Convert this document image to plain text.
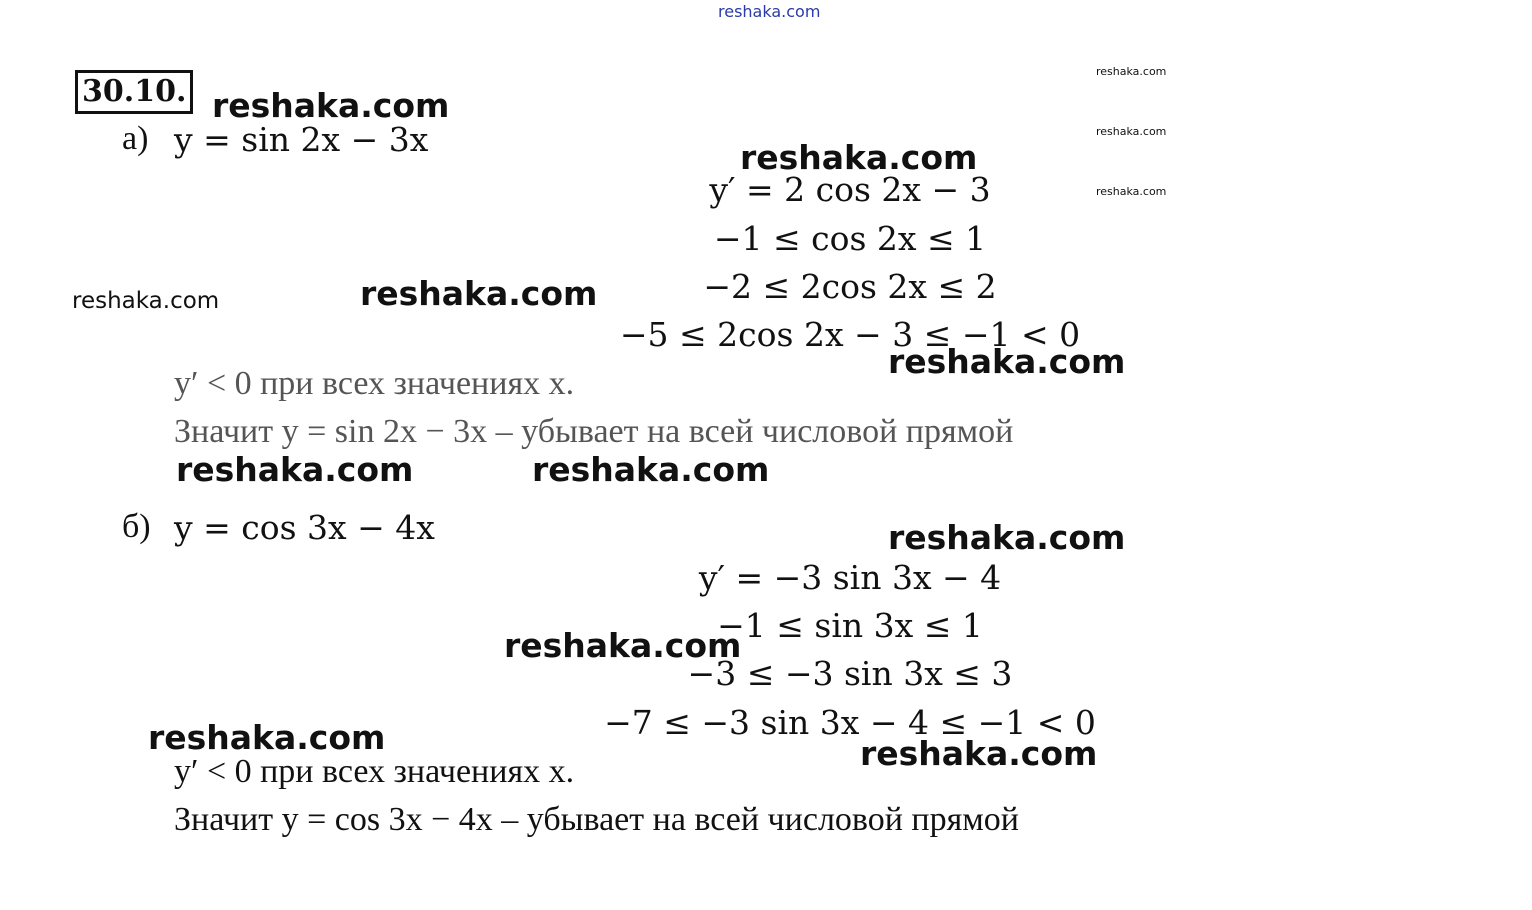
reshaka.com
30.10. reshaka.com
reshaka.com
reshaka.com
reshaka.com
reshaka.com
reshaka.com	reshaka.com
reshaka.com
reshaka.com	reshaka.com
reshaka.com
reshaka.com
reshaka.com	reshaka.com
а) y = sin 2x − 3x
y′ = 2 cos 2x − 3
−1 ≤ cos 2x ≤ 1
−2 ≤ 2cos 2x ≤ 2
−5 ≤ 2cos 2x − 3 ≤ −1 < 0
y′ < 0 при всех значениях x.
Значит y = sin 2x − 3x – убывает на всей числовой прямой
б) y = cos 3x − 4x
y′ = −3 sin 3x − 4
−1 ≤ sin 3x ≤ 1
−3 ≤ −3 sin 3x ≤ 3
−7 ≤ −3 sin 3x − 4 ≤ −1 < 0
y′ < 0 при всех значениях x.
Значит y = cos 3x − 4x – убывает на всей числовой прямой
